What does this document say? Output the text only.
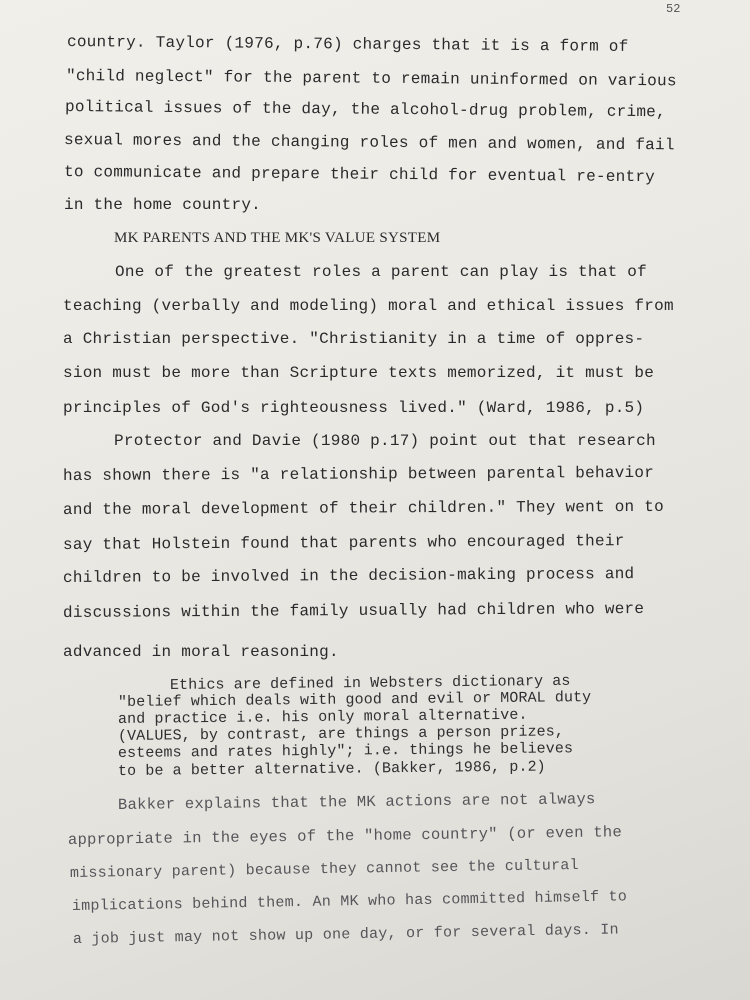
52
country. Taylor (1976, p.76) charges that it is a form of
"child neglect" for the parent to remain uninformed on various
political issues of the day, the alcohol-drug problem, crime,
sexual mores and the changing roles of men and women, and fail
to communicate and prepare their child for eventual re-entry
in the home country.
MK PARENTS AND THE MK'S VALUE SYSTEM
One of the greatest roles a parent can play is that of
teaching (verbally and modeling) moral and ethical issues from
a Christian perspective. "Christianity in a time of oppres-
sion must be more than Scripture texts memorized, it must be
principles of God's righteousness lived." (Ward, 1986, p.5)
Protector and Davie (1980 p.17) point out that research
has shown there is "a relationship between parental behavior
and the moral development of their children." They went on to
say that Holstein found that parents who encouraged their
children to be involved in the decision-making process and
discussions within the family usually had children who were
advanced in moral reasoning.
Ethics are defined in Websters dictionary as
"belief which deals with good and evil or MORAL duty
and practice i.e. his only moral alternative.
(VALUES, by contrast, are things a person prizes,
esteems and rates highly"; i.e. things he believes
to be a better alternative. (Bakker, 1986, p.2)
Bakker explains that the MK actions are not always
appropriate in the eyes of the "home country" (or even the
missionary parent) because they cannot see the cultural
implications behind them. An MK who has committed himself to
a job just may not show up one day, or for several days. In
